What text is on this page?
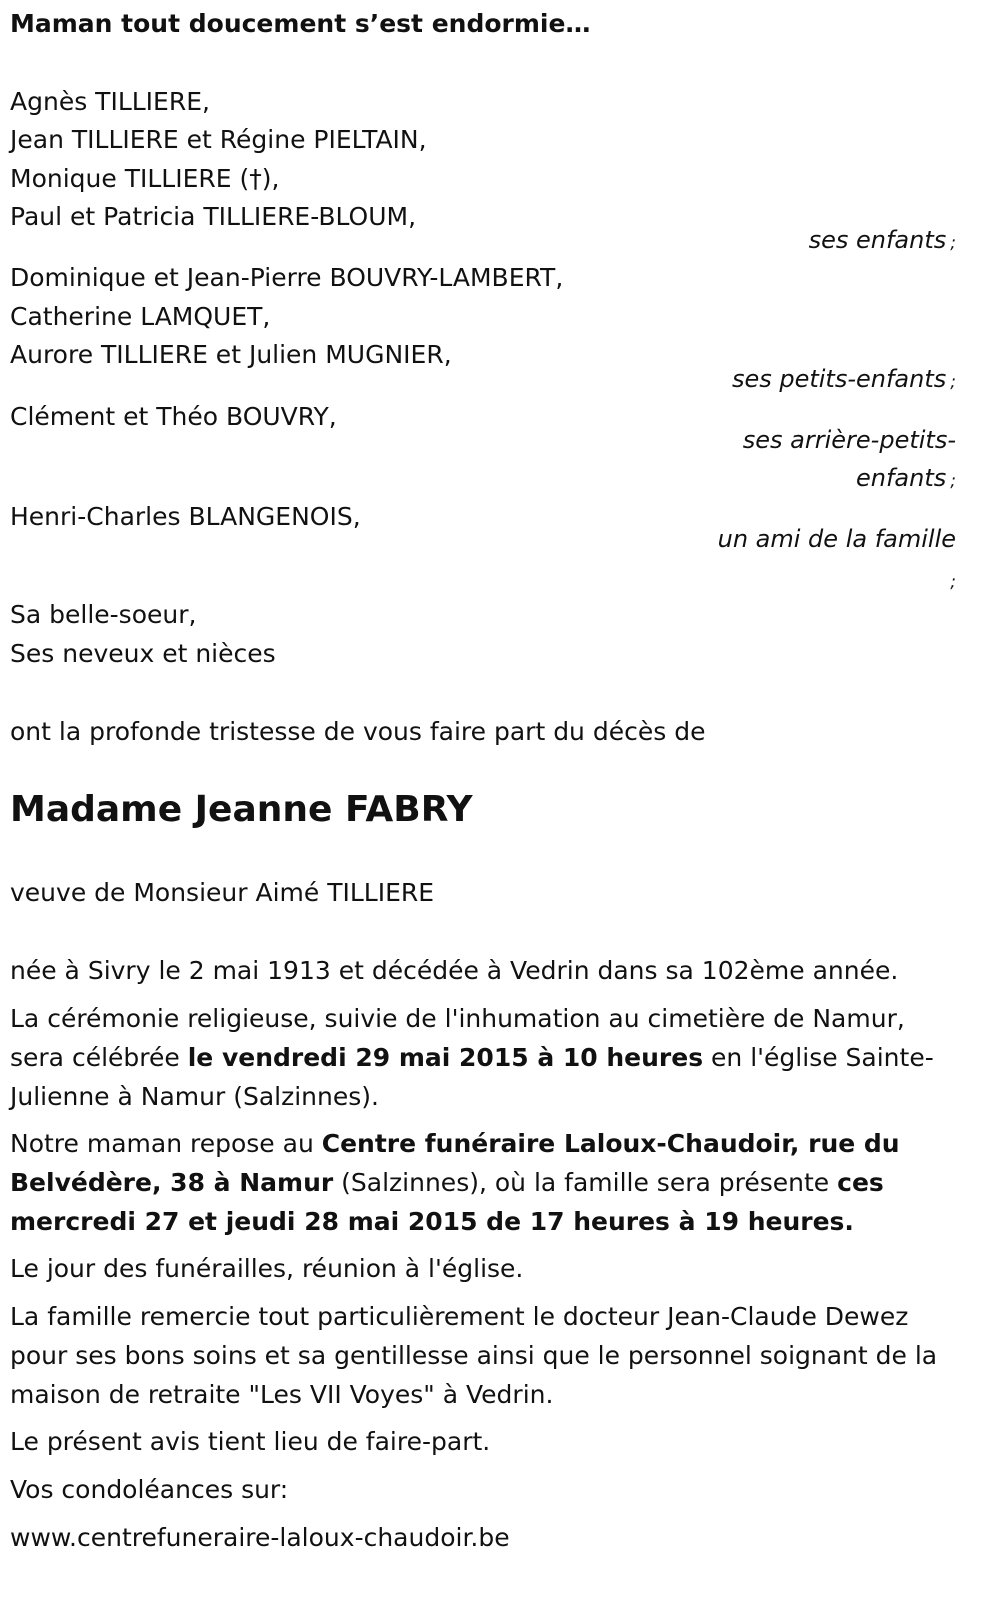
Maman tout doucement s’est endormie…
Agnès TILLIERE,
Jean TILLIERE et Régine PIELTAIN,
Monique TILLIERE (†),
Paul et Patricia TILLIERE-BLOUM,
ses enfants ;
Dominique et Jean-Pierre BOUVRY-LAMBERT,
Catherine LAMQUET,
Aurore TILLIERE et Julien MUGNIER,
ses petits-enfants ;
Clément et Théo BOUVRY,
ses arrière-petits-
enfants ;
Henri-Charles BLANGENOIS,
un ami de la famille
;
Sa belle-soeur,
Ses neveux et nièces
ont la profonde tristesse de vous faire part du décès de
Madame Jeanne FABRY
veuve de Monsieur Aimé TILLIERE
née à Sivry le 2 mai 1913 et décédée à Vedrin dans sa 102ème année.
La cérémonie religieuse, suivie de l'inhumation au cimetière de Namur, sera célébrée le vendredi 29 mai 2015 à 10 heures en l'église Sainte-Julienne à Namur (Salzinnes).
Notre maman repose au Centre funéraire Laloux-Chaudoir, rue du Belvédère, 38 à Namur (Salzinnes), où la famille sera présente ces mercredi 27 et jeudi 28 mai 2015 de 17 heures à 19 heures.
Le jour des funérailles, réunion à l'église.
La famille remercie tout particulièrement le docteur Jean-Claude Dewez pour ses bons soins et sa gentillesse ainsi que le personnel soignant de la maison de retraite "Les VII Voyes" à Vedrin.
Le présent avis tient lieu de faire-part.
Vos condoléances sur:
www.centrefuneraire-laloux-chaudoir.be
